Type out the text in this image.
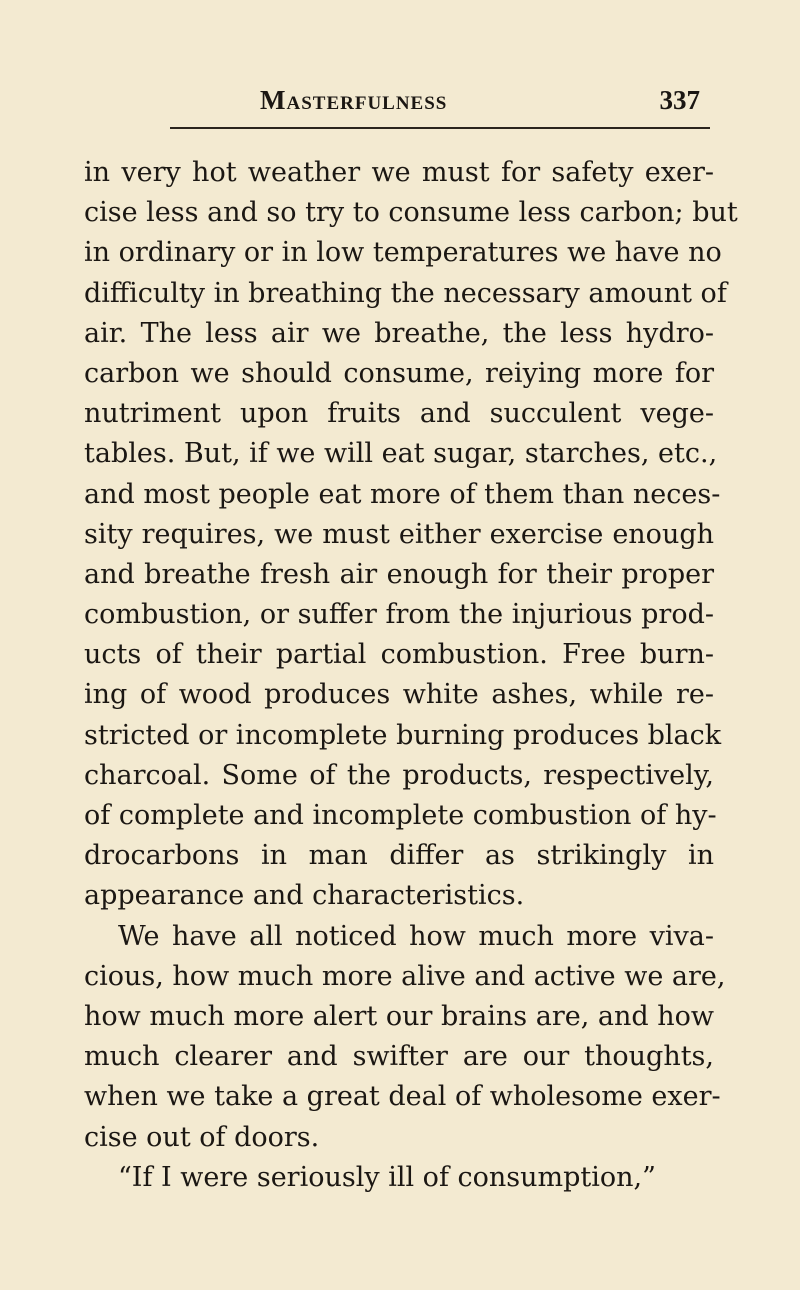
Masterfulness	337
in very hot weather we must for safety exer-
cise less and so try to consume less carbon; but
in ordinary or in low temperatures we have no
difficulty in breathing the necessary amount of
air. The less air we breathe, the less hydro-
carbon we should consume, reiying more for
nutriment upon fruits and succulent vege-
tables. But, if we will eat sugar, starches, etc.,
and most people eat more of them than neces-
sity requires, we must either exercise enough
and breathe fresh air enough for their proper
combustion, or suffer from the injurious prod-
ucts of their partial combustion. Free burn-
ing of wood produces white ashes, while re-
stricted or incomplete burning produces black
charcoal. Some of the products, respectively,
of complete and incomplete combustion of hy-
drocarbons in man differ as strikingly in
appearance and characteristics.
We have all noticed how much more viva-
cious, how much more alive and active we are,
how much more alert our brains are, and how
much clearer and swifter are our thoughts,
when we take a great deal of wholesome exer-
cise out of doors.
“If I were seriously ill of consumption,”
